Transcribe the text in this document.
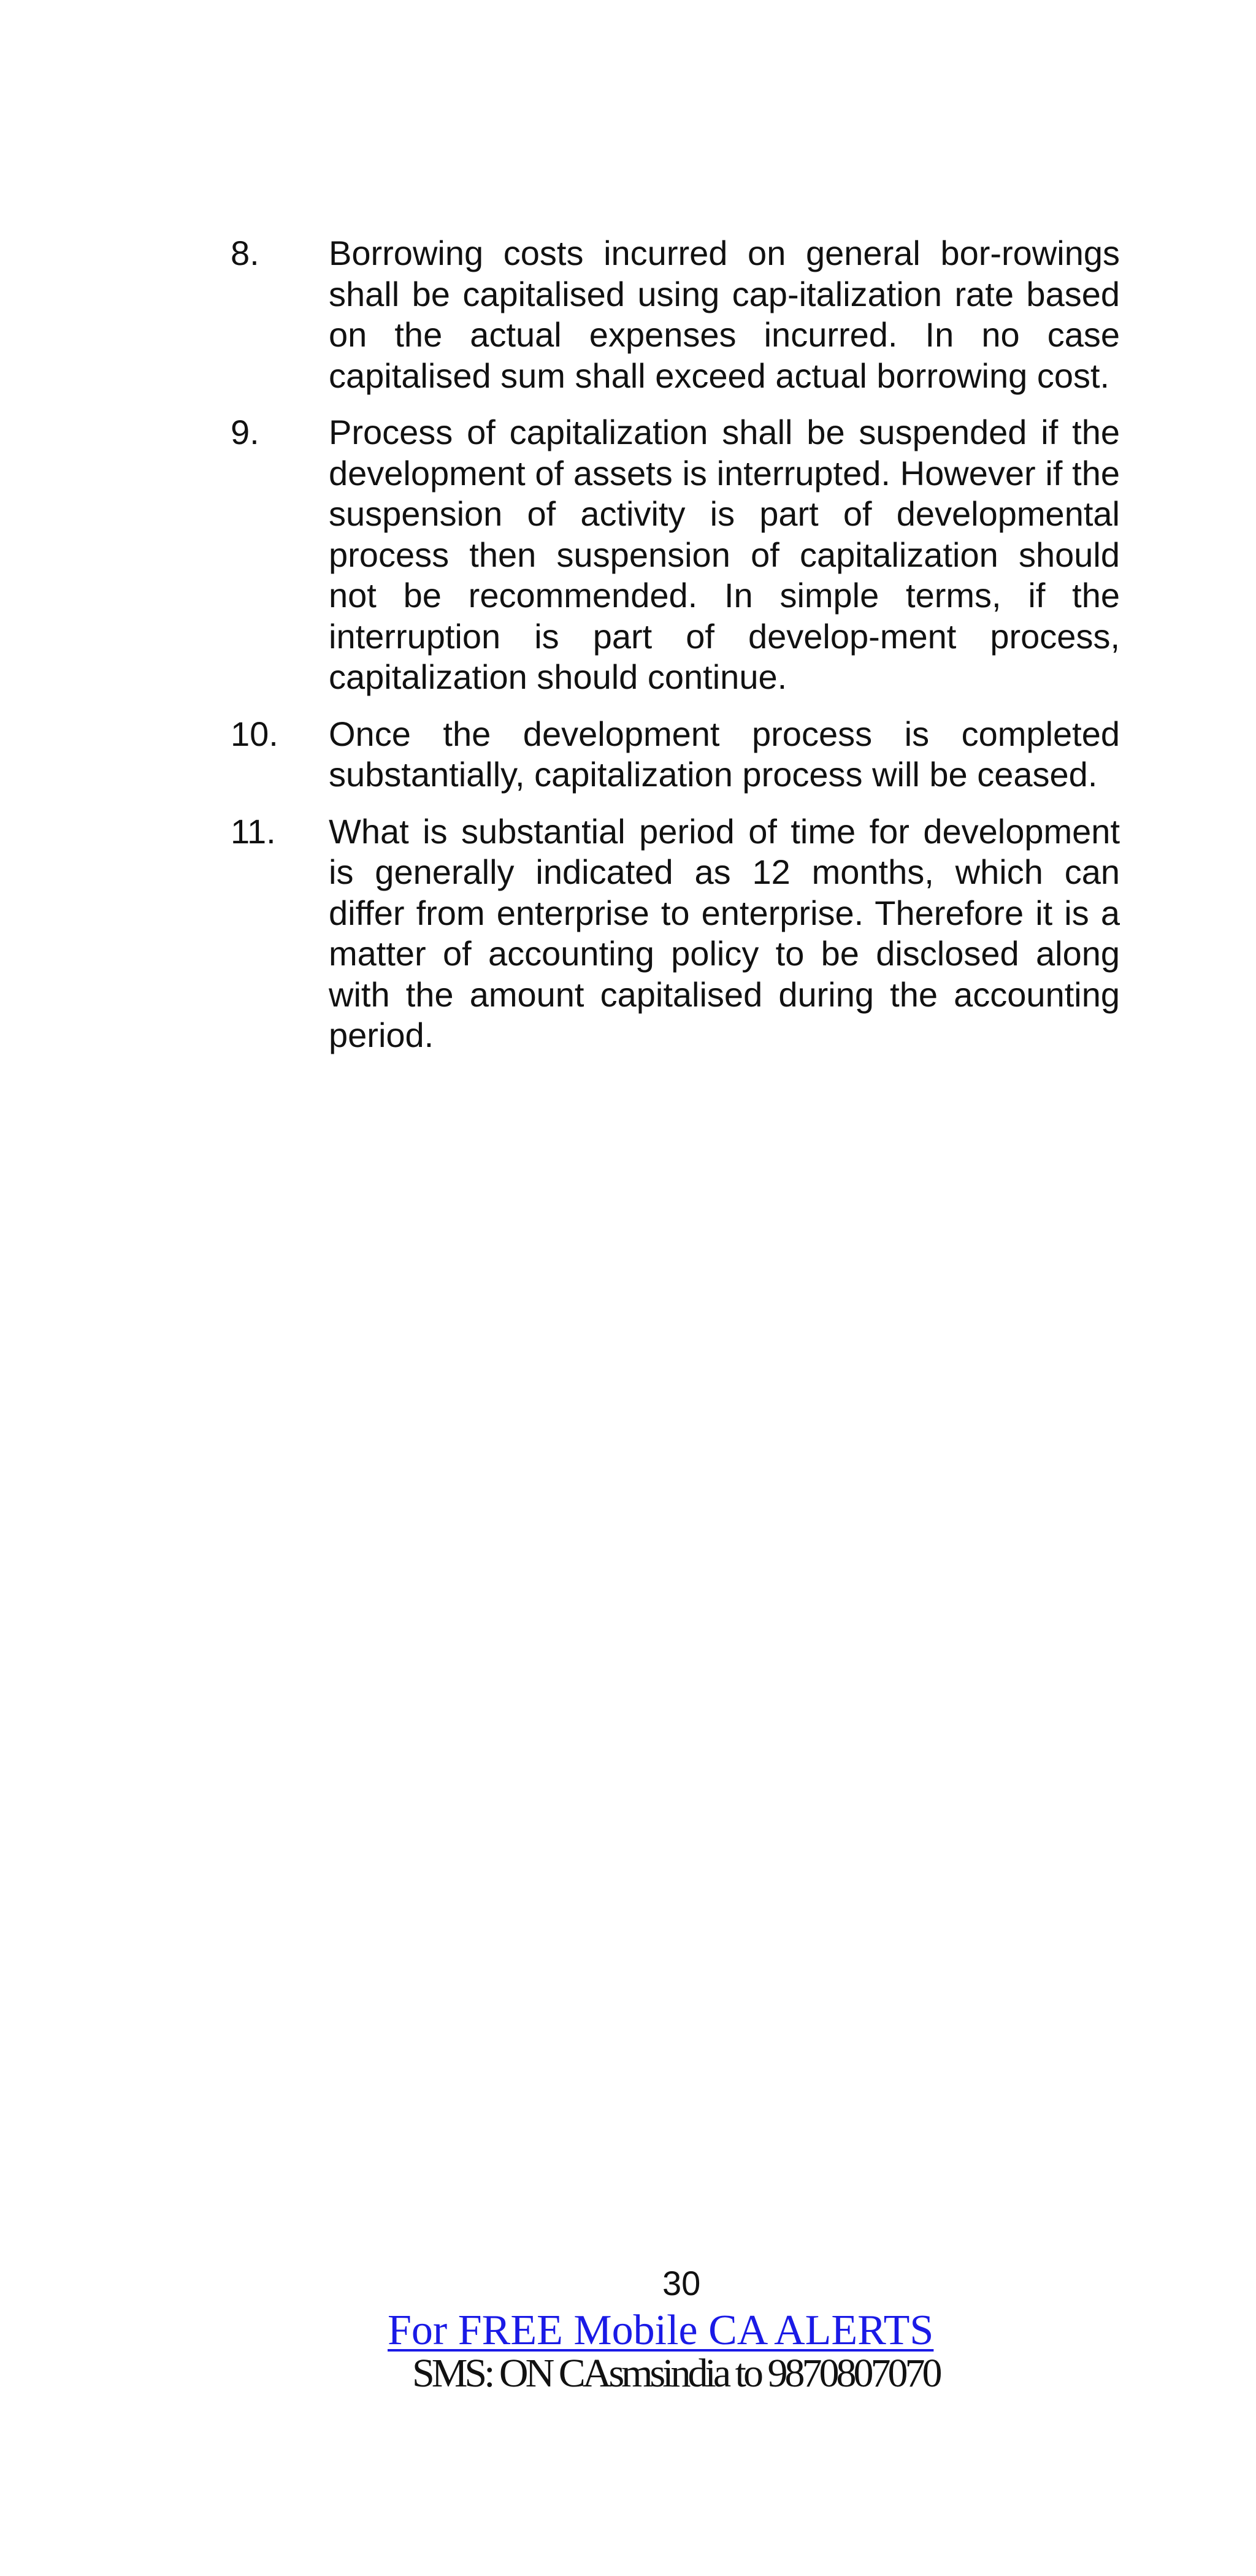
8.	Borrowing costs incurred on general bor-rowings shall be capitalised using cap-italization rate based on the actual expenses incurred. In no case capitalised sum shall exceed actual borrowing cost.
9.	Process of capitalization shall be suspended if the development of assets is interrupted. However if the suspension of activity is part of developmental process then suspension of capitalization should not be recommended. In simple terms, if the interruption is part of develop-ment process, capitalization should continue.
10.	Once the development process is completed substantially, capitalization process will be ceased.
11.	What is substantial period of time for development is generally indicated as 12 months, which can differ from enterprise to enterprise. Therefore it is a matter of accounting policy to be disclosed along with the amount capitalised during the accounting period.
30
For FREE Mobile CA ALERTS
SMS: ON CAsmsindia to 9870807070
